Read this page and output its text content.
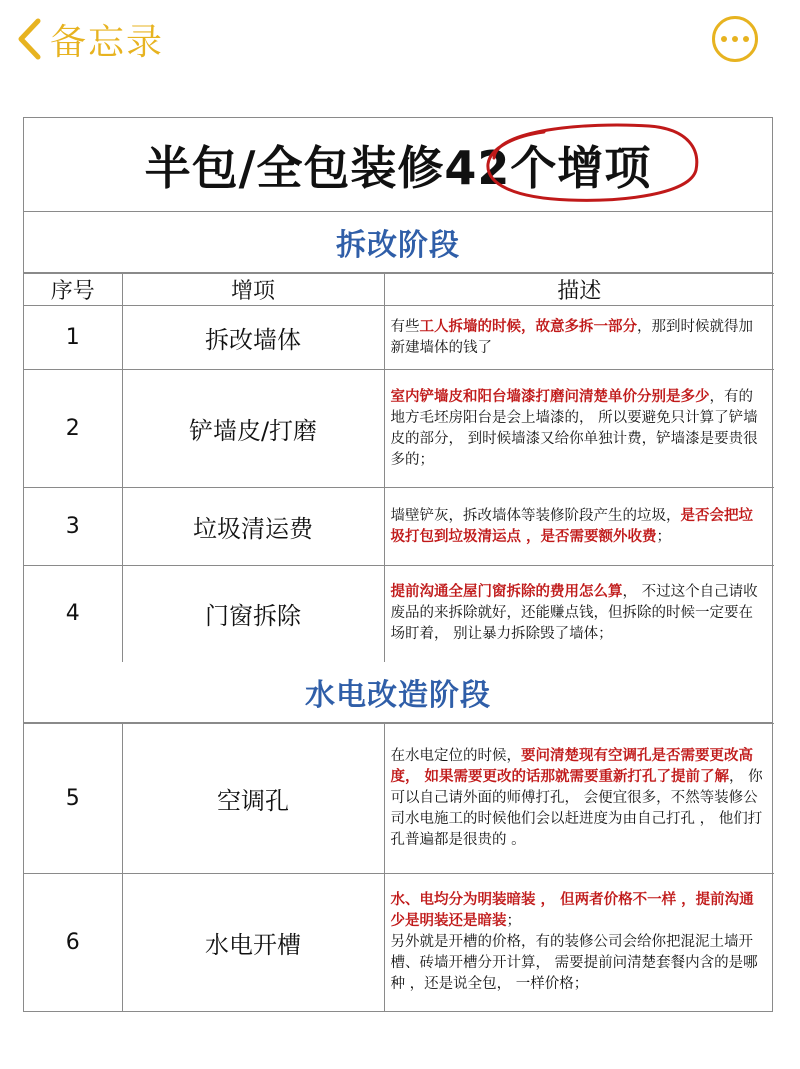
备忘录
半包/全包装修42个增项
拆改阶段
序号	增项	描述
1	拆改墙体	有些工人拆墙的时候，故意多拆一部分，那到时候就得加新建墙体的钱了
2	铲墙皮/打磨	室内铲墙皮和阳台墙漆打磨问清楚单价分别是多少，有的地方毛坯房阳台是会上墙漆的， 所以要避免只计算了铲墙皮的部分， 到时候墙漆又给你单独计费，铲墙漆是要贵很多的；
3	垃圾清运费	墙壁铲灰，拆改墙体等装修阶段产生的垃圾，是否会把垃圾打包到垃圾清运点 ，是否需要额外收费；
4	门窗拆除	提前沟通全屋门窗拆除的费用怎么算， 不过这个自己请收废品的来拆除就好，还能赚点钱，但拆除的时候一定要在场盯着， 别让暴力拆除毁了墙体；
水电改造阶段
5	空调孔	在水电定位的时候，要问清楚现有空调孔是否需要更改高度， 如果需要更改的话那就需要重新打孔了提前了解， 你可以自己请外面的师傅打孔， 会便宜很多，不然等装修公司水电施工的时候他们会以赶进度为由自己打孔 ， 他们打孔普遍都是很贵的 。
6	水电开槽	水、电均分为明装暗装 ， 但两者价格不一样 ，提前沟通少是明装还是暗装；
另外就是开槽的价格，有的装修公司会给你把混泥土墙开槽、砖墙开槽分开计算， 需要提前问清楚套餐内含的是哪种 ，还是说全包， 一样价格；
